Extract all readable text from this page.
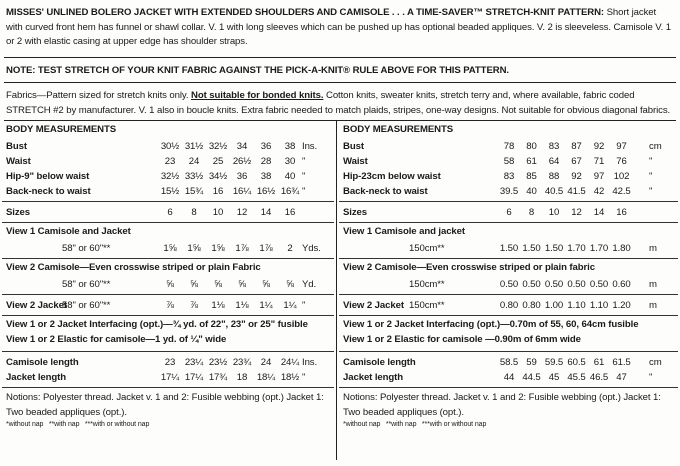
MISSES' UNLINED BOLERO JACKET WITH EXTENDED SHOULDERS AND CAMISOLE . . . A TIME-SAVER™ STRETCH-KNIT PATTERN: Short jacket with curved front hem has funnel or shawl collar. V. 1 with long sleeves which can be pushed up has optional beaded appliques. V. 2 is sleeveless. Camisole V. 1 or 2 with elastic casing at upper edge has shoulder straps.
NOTE: TEST STRETCH OF YOUR KNIT FABRIC AGAINST THE PICK-A-KNIT® RULE ABOVE FOR THIS PATTERN.
Fabrics—Pattern sized for stretch knits only. Not suitable for bonded knits. Cotton knits, sweater knits, stretch terry and, where available, fabric coded STRETCH #2 by manufacturer. V. 1 also in boucle knits. Extra fabric needed to match plaids, stripes, one-way designs. Not suitable for obvious diagonal fabrics.
BODY MEASUREMENTS
Bust	30½ 31½ 32½ 34	36	38 Ins.
Waist	23	24	25 26½ 28	30 "
Hip-9" below waist	32½ 33½ 34½ 36	38	40 "
Back-neck to waist	15½ 15¾ 16 16¼ 16½ 16¾ "
Sizes	6	8	10	12	14	16
View 1 Camisole and Jacket
58" or 60"**	1⅝	1⅝	1⅝	1⅞	1⅞	2 Yds.
View 2 Camisole—Even crosswise striped or plain Fabric
58" or 60"**	⅝	⅝	⅝	⅝	⅝	⅝ Yd.
View 2 Jacket
58" or 60"**	⅞	⅞	1⅛	1⅛	1¼	1¼ "
View 1 or 2 Jacket Interfacing (opt.)—¾ yd. of 22", 23" or 25" fusible
View 1 or 2 Elastic for camisole—1 yd. of ¼" wide
Camisole length	23 23¼ 23½ 23¾ 24 24¼ Ins.
Jacket length	17¼ 17¼ 17¾ 18 18¼ 18½ "
Notions: Polyester thread. Jacket v. 1 and 2: Fusible webbing (opt.) Jacket 1: Two beaded appliques (opt.).
*without nap   **with nap   ***with or without nap
BODY MEASUREMENTS
Bust	78	80	83	87	92	97	cm
Waist	58	61	64	67	71	76	"
Hip-23cm below waist	83	85	88	92	97 102	"
Back-neck to waist	39.5 40 40.5 41.5 42 42.5 "
Sizes	6	8	10	12	14	16
View 1 Camisole and jacket
150cm**	1.50 1.50 1.50 1.70 1.70 1.80 m
View 2 Camisole—Even crosswise striped or plain fabric
150cm**	0.50 0.50 0.50 0.50 0.50 0.60 m
View 2 Jacket 150cm**	0.80 0.80 1.00 1.10 1.10 1.20 m
View 1 or 2 Jacket Interfacing (opt.)—0.70m of 55, 60, 64cm fusible
View 1 or 2 Elastic for camisole —0.90m of 6mm wide
Camisole length	58.5 59 59.5 60.5 61 61.5 cm
Jacket length	44 44.5 45 45.5 46.5 47	"
Notions: Polyester thread. Jacket v. 1 and 2: Fusible webbing (opt.) Jacket 1: Two beaded appliques (opt.).
*without nap   **with nap   ***with or without nap
